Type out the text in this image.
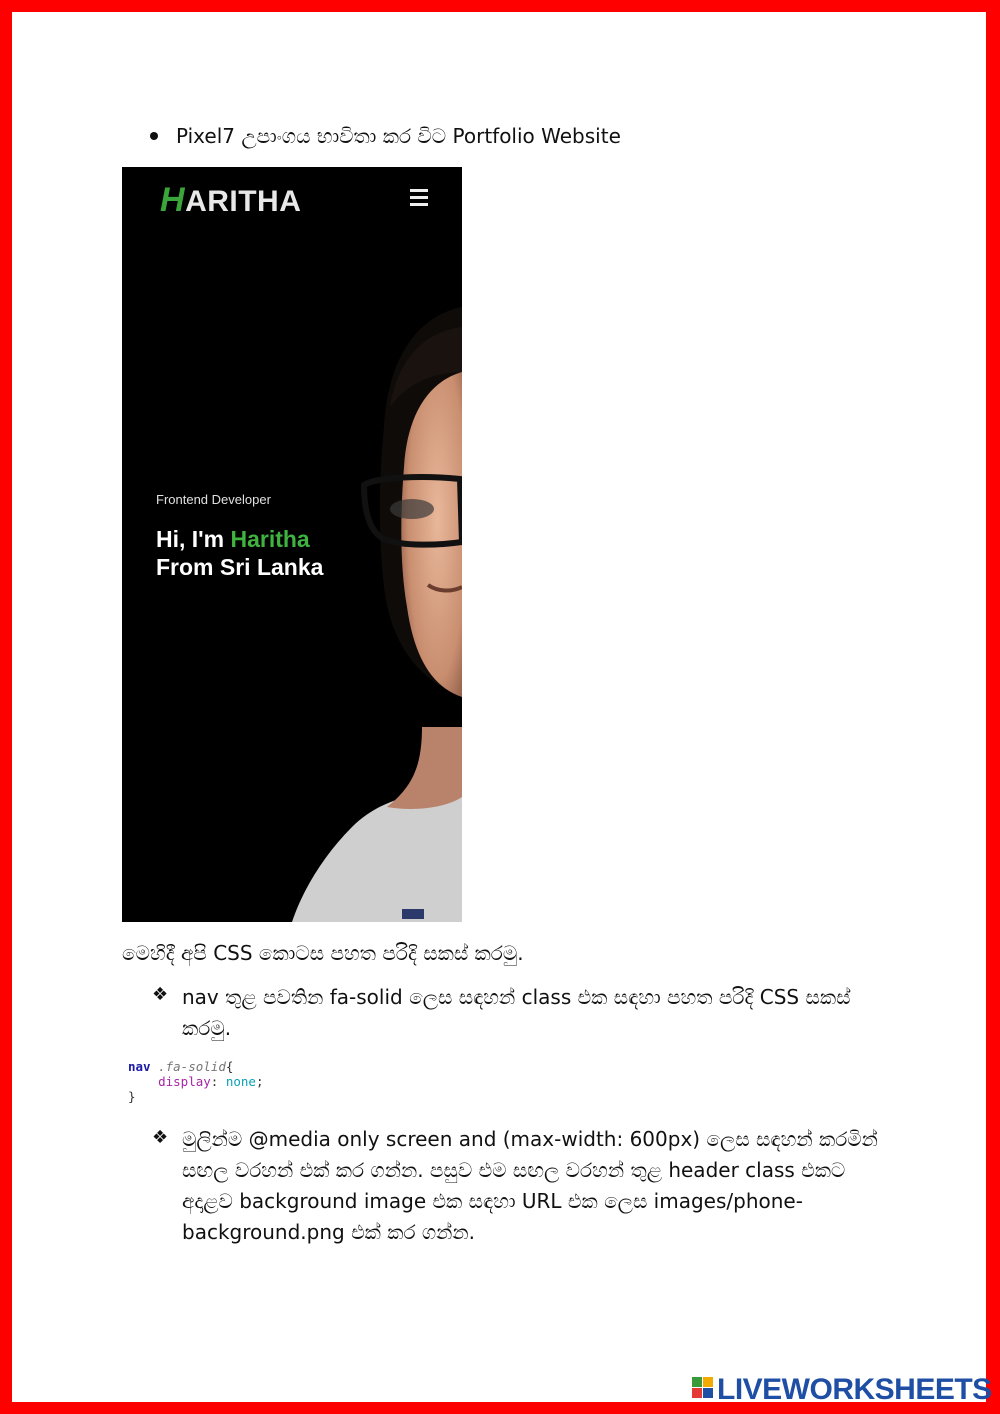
Pixel7 උපාංගය භාවිතා කර විට Portfolio Website
HARITHA
Frontend Developer
Hi, I'm Haritha
From Sri Lanka
මෙහිදී අපි CSS කොටස පහත පරිදි සකස් කරමු.
❖ nav තුළ පවතින fa-solid ලෙස සඳහන් class එක සඳහා පහත පරිදි CSS සකස් කරමු.
nav .fa-solid{
display: none;
}
❖ මුලින්ම @media only screen and (max-width: 600px) ලෙස සඳහන් කරමින් සඟල වරහන් එක් කර ගන්න. පසුව එම සඟල වරහන් තුළ header class එකට අදාළව background image එක සඳහා URL එක ලෙස images/phone-background.png එක් කර ගන්න.
LIVEWORKSHEETS
